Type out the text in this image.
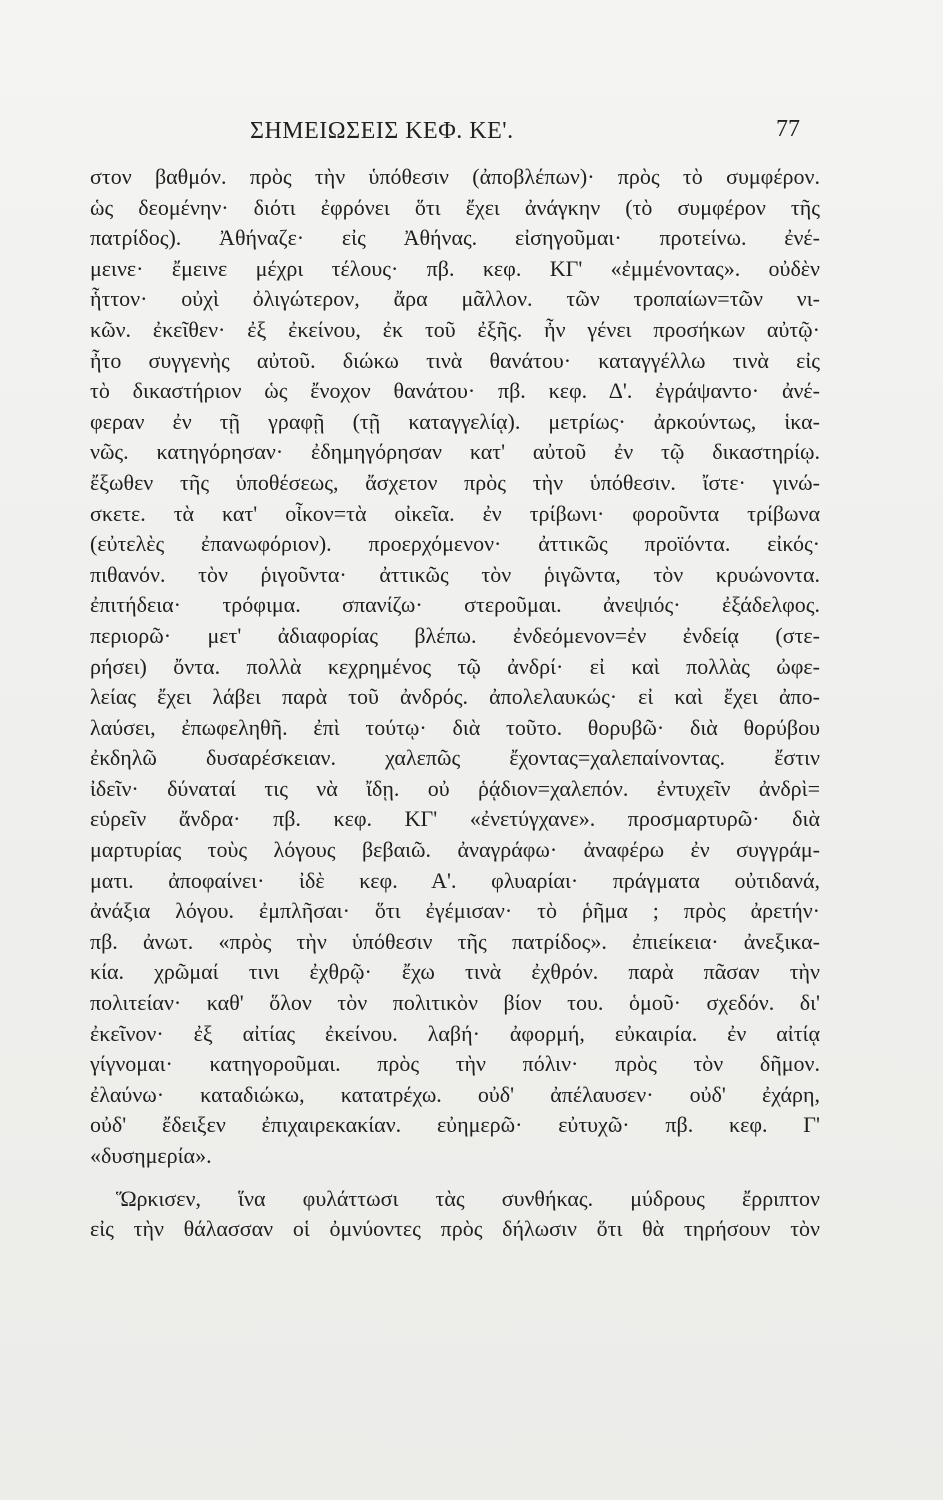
ΣΗΜΕΙΩΣΕΙΣ ΚΕΦ. ΚΕ'.	77
στον βαθμόν. πρὸς τὴν ὑπόθεσιν (ἀποβλέπων)· πρὸς τὸ συμφέρον.
ὡς δεομένην· διότι ἐφρόνει ὅτι ἔχει ἀνάγκην (τὸ συμφέρον τῆς
πατρίδος). Ἀθήναζε· εἰς Ἀθήνας. εἰσηγοῦμαι· προτείνω. ἐνέ-
μεινε· ἔμεινε μέχρι τέλους· πβ. κεφ. ΚΓ' «ἐμμένοντας». οὐδὲν
ἧττον· οὐχὶ ὀλιγώτερον, ἄρα μᾶλλον. τῶν τροπαίων=τῶν νι-
κῶν. ἐκεῖθεν· ἐξ ἐκείνου, ἐκ τοῦ ἐξῆς. ἦν γένει προσήκων αὐτῷ·
ἦτο συγγενὴς αὐτοῦ. διώκω τινὰ θανάτου· καταγγέλλω τινὰ εἰς
τὸ δικαστήριον ὡς ἔνοχον θανάτου· πβ. κεφ. Δ'. ἐγράψαντο· ἀνέ-
φεραν ἐν τῇ γραφῇ (τῇ καταγγελίᾳ). μετρίως· ἀρκούντως, ἱκα-
νῶς. κατηγόρησαν· ἐδημηγόρησαν κατ' αὐτοῦ ἐν τῷ δικαστηρίῳ.
ἔξωθεν τῆς ὑποθέσεως, ἄσχετον πρὸς τὴν ὑπόθεσιν. ἴστε· γινώ-
σκετε. τὰ κατ' οἶκον=τὰ οἰκεῖα. ἐν τρίβωνι· φοροῦντα τρίβωνα
(εὐτελὲς ἐπανωφόριον). προερχόμενον· ἀττικῶς προϊόντα. εἰκός·
πιθανόν. τὸν ῥιγοῦντα· ἀττικῶς τὸν ῥιγῶντα, τὸν κρυώνοντα.
ἐπιτήδεια· τρόφιμα. σπανίζω· στεροῦμαι. ἀνεψιός· ἐξάδελφος.
περιορῶ· μετ' ἀδιαφορίας βλέπω. ἐνδεόμενον=ἐν ἐνδείᾳ (στε-
ρήσει) ὄντα. πολλὰ κεχρημένος τῷ ἀνδρί· εἰ καὶ πολλὰς ὠφε-
λείας ἔχει λάβει παρὰ τοῦ ἀνδρός. ἀπολελαυκώς· εἰ καὶ ἔχει ἀπο-
λαύσει, ἐπωφεληθῆ. ἐπὶ τούτῳ· διὰ τοῦτο. θορυβῶ· διὰ θορύβου
ἐκδηλῶ δυσαρέσκειαν. χαλεπῶς ἔχοντας=χαλεπαίνοντας. ἔστιν
ἰδεῖν· δύναταί τις νὰ ἴδῃ. οὐ ῥᾴδιον=χαλεπόν. ἐντυχεῖν ἀνδρὶ=
εὑρεῖν ἄνδρα· πβ. κεφ. ΚΓ' «ἐνετύγχανε». προσμαρτυρῶ· διὰ
μαρτυρίας τοὺς λόγους βεβαιῶ. ἀναγράφω· ἀναφέρω ἐν συγγράμ-
ματι. ἀποφαίνει· ἰδὲ κεφ. Α'. φλυαρίαι· πράγματα οὐτιδανά,
ἀνάξια λόγου. ἐμπλῆσαι· ὅτι ἐγέμισαν· τὸ ῥῆμα ; πρὸς ἀρετήν·
πβ. ἀνωτ. «πρὸς τὴν ὑπόθεσιν τῆς πατρίδος». ἐπιείκεια· ἀνεξικα-
κία. χρῶμαί τινι ἐχθρῷ· ἔχω τινὰ ἐχθρόν. παρὰ πᾶσαν τὴν
πολιτείαν· καθ' ὅλον τὸν πολιτικὸν βίον του. ὁμοῦ· σχεδόν. δι'
ἐκεῖνον· ἐξ αἰτίας ἐκείνου. λαβή· ἀφορμή, εὐκαιρία. ἐν αἰτίᾳ
γίγνομαι· κατηγοροῦμαι. πρὸς τὴν πόλιν· πρὸς τὸν δῆμον.
ἐλαύνω· καταδιώκω, κατατρέχω. οὐδ' ἀπέλαυσεν· οὐδ' ἐχάρη,
οὐδ' ἔδειξεν ἐπιχαιρεκακίαν. εὐημερῶ· εὐτυχῶ· πβ. κεφ. Γ'
«δυσημερία».
Ὥρκισεν, ἵνα φυλάττωσι τὰς συνθήκας. μύδρους ἔρριπτον
εἰς τὴν θάλασσαν οἱ ὀμνύοντες πρὸς δήλωσιν ὅτι θὰ τηρήσουν τὸν
